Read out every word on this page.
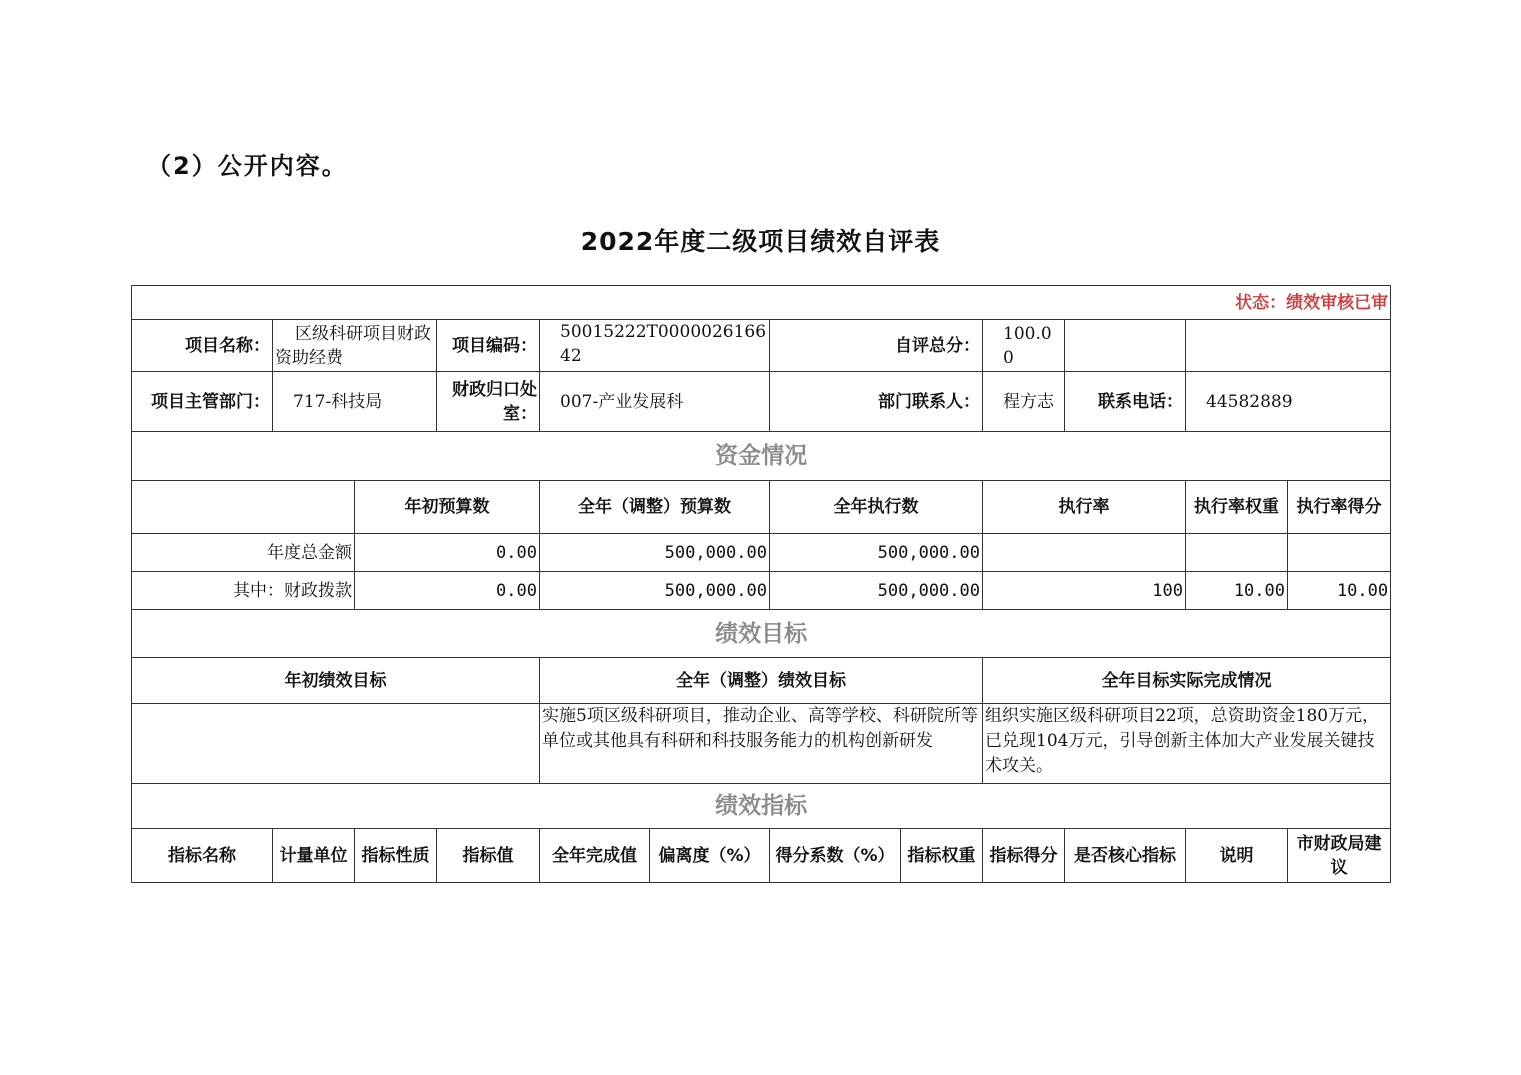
（2）公开内容。
2022年度二级项目绩效自评表
状态：绩效审核已审											
项目名称：	区级科研项目财政资助经费		项目编码：	50015222T000002616642		自评总分：		100.00			
项目主管部门：	717-科技局		财政归口处室：	007-产业发展科		部门联系人：		程方志	联系电话：	44582889	
资金情况											
		年初预算数		全年（调整）预算数		全年执行数		执行率		执行率权重	执行率得分
年度总金额		0.00		500,000.00		500,000.00					
其中：财政拨款		0.00		500,000.00		500,000.00		100		10.00	10.00
绩效目标											
年初绩效目标				全年（调整）绩效目标				全年目标实际完成情况			
				实施5项区级科研项目，推动企业、高等学校、科研院所等单位或其他具有科研和科技服务能力的机构创新研发				组织实施区级科研项目22项，总资助资金180万元，已兑现104万元，引导创新主体加大产业发展关键技术攻关。			
绩效指标											
指标名称	计量单位	指标性质	指标值	全年完成值	偏离度（%）	得分系数（%）	指标权重	指标得分	是否核心指标	说明	市财政局建议
